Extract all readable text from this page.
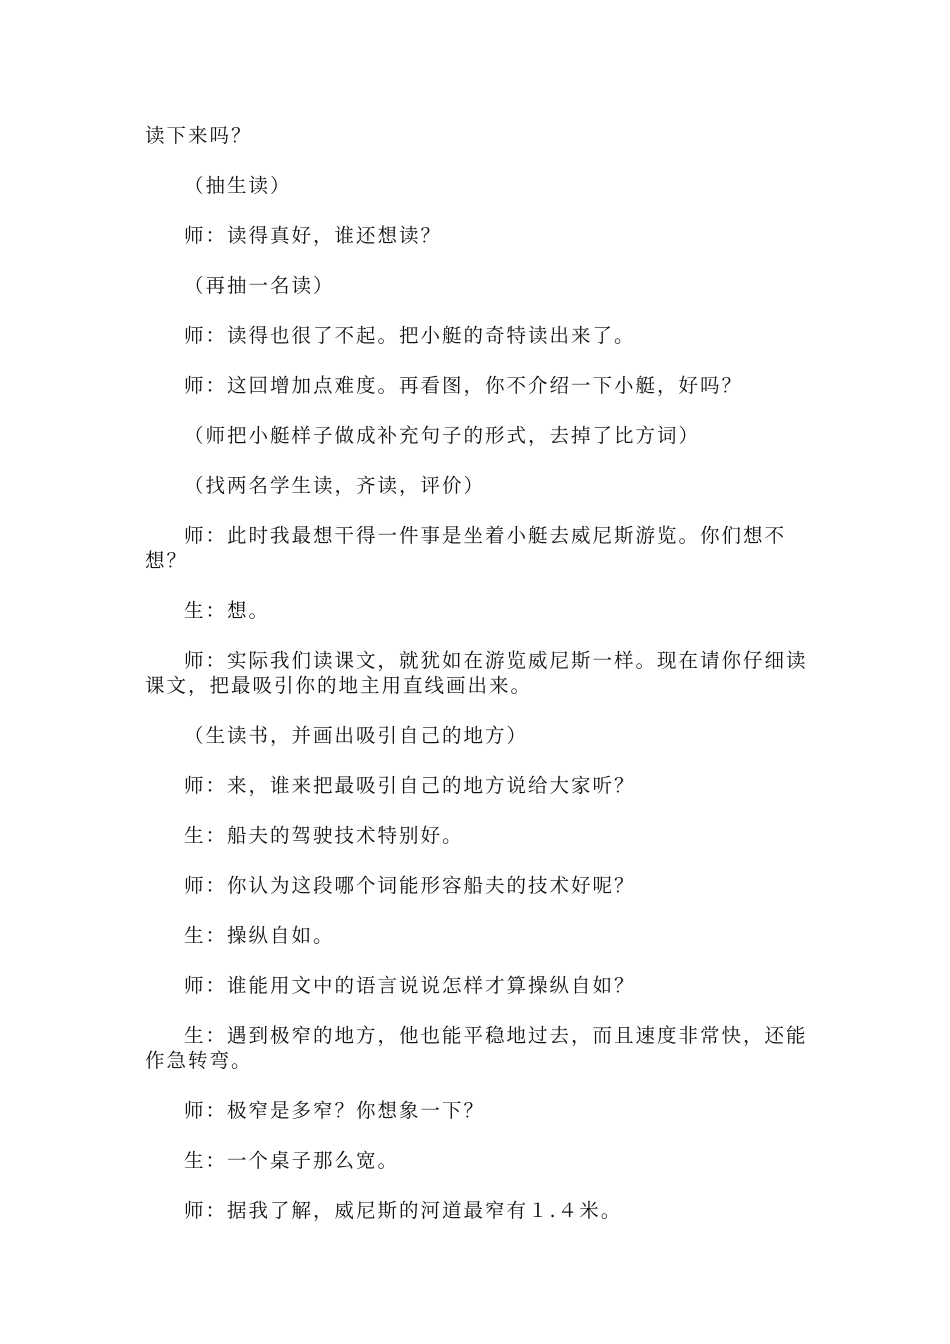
读下来吗？

（抽生读）

师：读得真好，谁还想读？

（再抽一名读）

师：读得也很了不起。把小艇的奇特读出来了。

师：这回增加点难度。再看图，你不介绍一下小艇，好吗？

（师把小艇样子做成补充句子的形式，去掉了比方词）

（找两名学生读，齐读，评价）

师：此时我最想干得一件事是坐着小艇去威尼斯游览。你们想不想？

生：想。

师：实际我们读课文，就犹如在游览威尼斯一样。现在请你仔细读课文，把最吸引你的地主用直线画出来。

（生读书，并画出吸引自己的地方）

师：来，谁来把最吸引自己的地方说给大家听？

生：船夫的驾驶技术特别好。

师：你认为这段哪个词能形容船夫的技术好呢？

生：操纵自如。

师：谁能用文中的语言说说怎样才算操纵自如？

生：遇到极窄的地方，他也能平稳地过去，而且速度非常快，还能作急转弯。

师：极窄是多窄？你想象一下？

生：一个桌子那么宽。

师：据我了解，威尼斯的河道最窄有１.４米。
